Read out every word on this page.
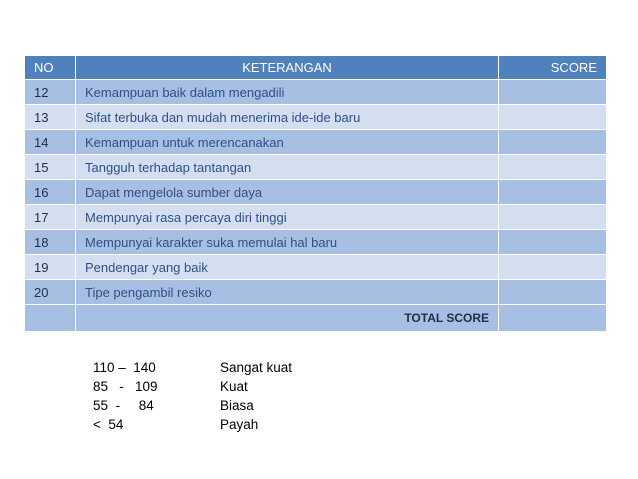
NO	KETERANGAN	SCORE
12	Kemampuan baik dalam mengadili	
13	Sifat terbuka dan mudah menerima ide-ide baru	
14	Kemampuan untuk merencanakan	
15	Tangguh terhadap tantangan	
16	Dapat mengelola sumber daya	
17	Mempunyai rasa percaya diri tinggi	
18	Mempunyai karakter suka memulai hal baru	
19	Pendengar yang baik	
20	Tipe pengambil resiko	
	TOTAL SCORE	
110 –  140	Sangat kuat
85   -   109	Kuat
55  -     84	Biasa
<  54	Payah
